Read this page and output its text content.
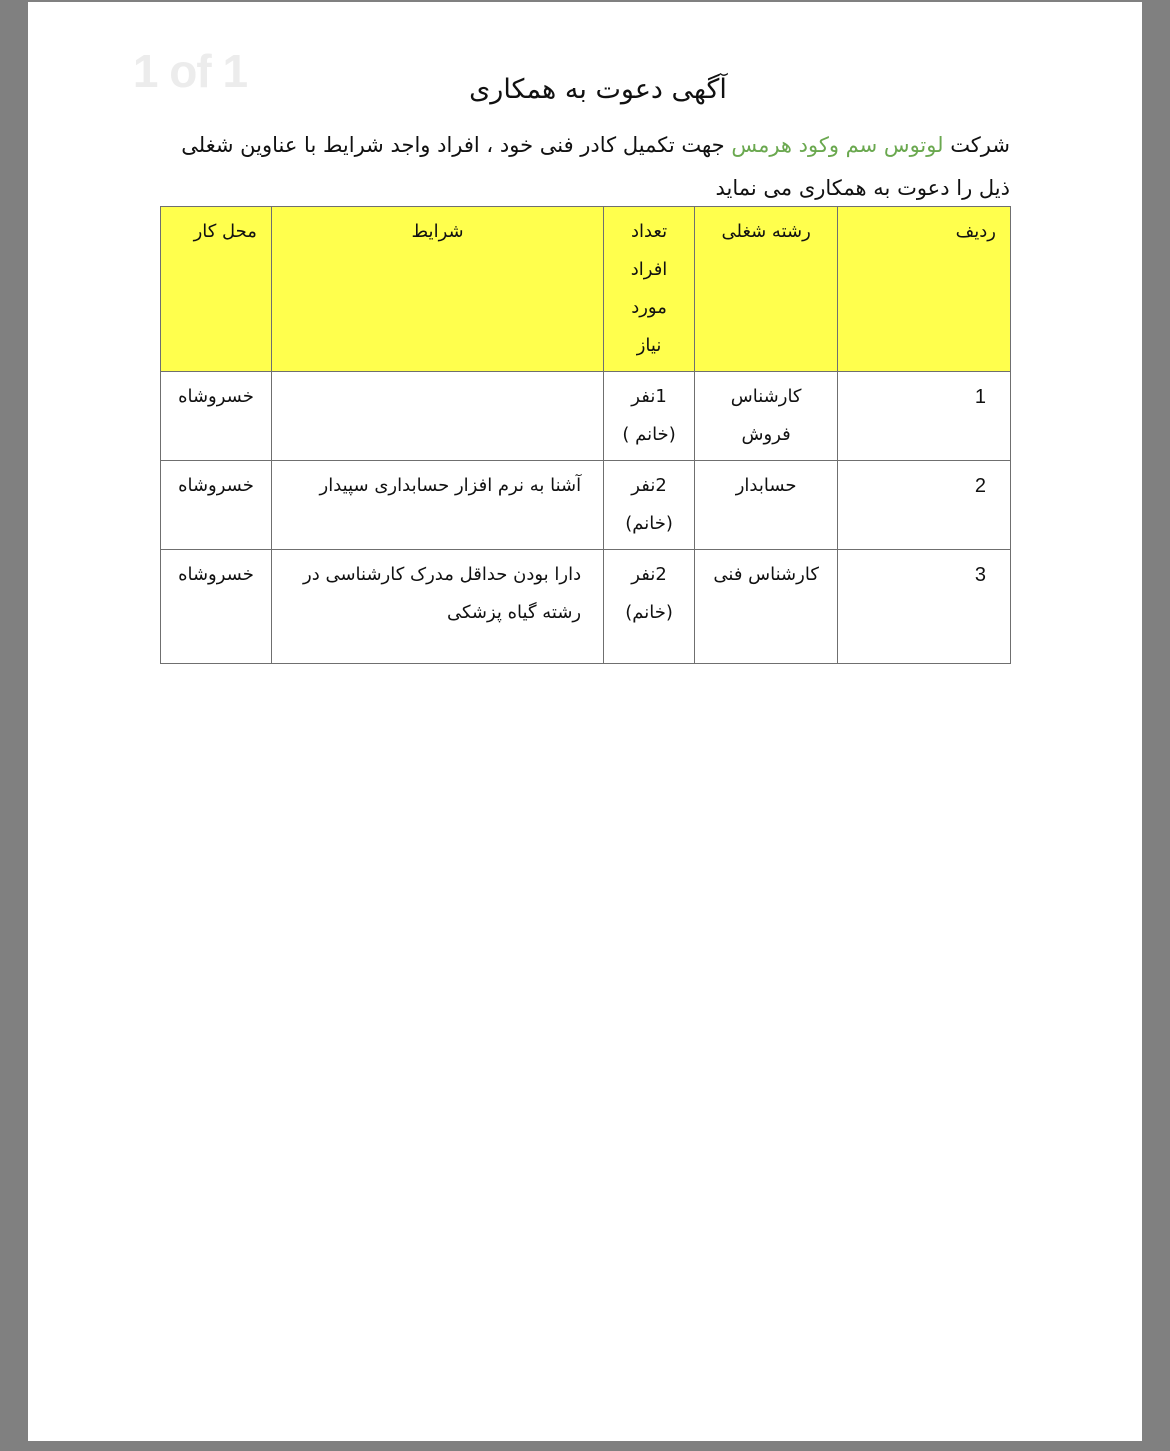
1 of 1	آگهی دعوت به همکاری
شرکت لوتوس سم وکود هرمس جهت تکمیل کادر فنی خود ، افراد واجد شرایط با عناوین شغلی ذیل را دعوت به همکاری می نماید
ردیف	رشته شغلی	تعداد افراد مورد نیاز	شرایط	محل کار

1	کارشناس فروش	1نفر (خانم )		خسروشاه

2	حسابدار	2نفر (خانم)	آشنا به نرم افزار حسابداری سپیدار	خسروشاه

3	کارشناس فنی	2نفر (خانم)	دارا بودن حداقل مدرک کارشناسی در رشته گیاه پزشکی	خسروشاه
